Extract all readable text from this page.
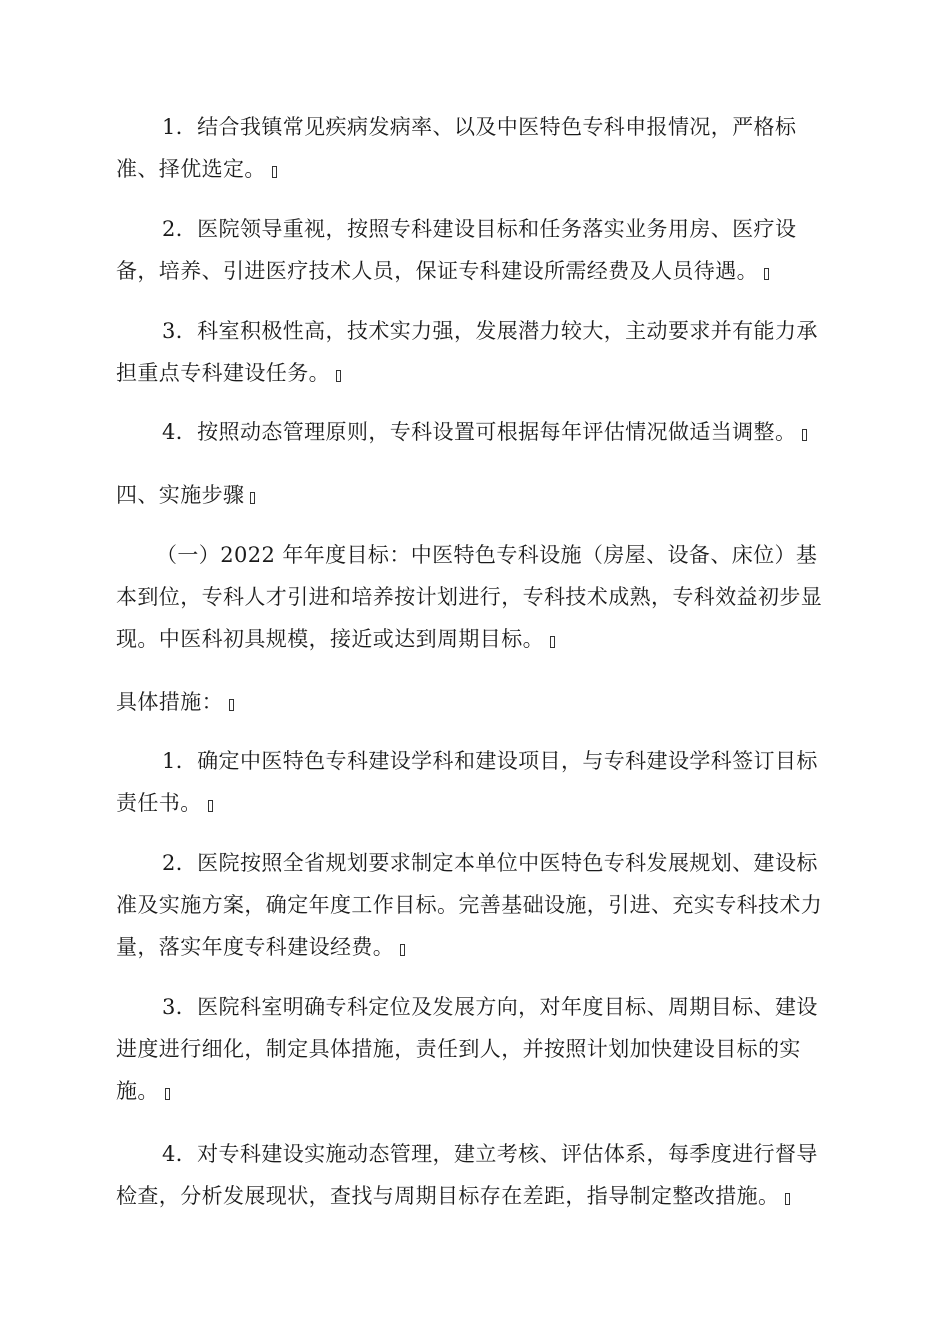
1．结合我镇常见疾病发病率、以及中医特色专科申报情况，严格标准、择优选定。

2．医院领导重视，按照专科建设目标和任务落实业务用房、医疗设备，培养、引进医疗技术人员，保证专科建设所需经费及人员待遇。

3．科室积极性高，技术实力强，发展潜力较大，主动要求并有能力承担重点专科建设任务。

4．按照动态管理原则，专科设置可根据每年评估情况做适当调整。

四、实施步骤

（一）2022 年年度目标：中医特色专科设施（房屋、设备、床位）基本到位，专科人才引进和培养按计划进行，专科技术成熟，专科效益初步显现。中医科初具规模，接近或达到周期目标。

具体措施：

1．确定中医特色专科建设学科和建设项目，与专科建设学科签订目标责任书。

2．医院按照全省规划要求制定本单位中医特色专科发展规划、建设标准及实施方案，确定年度工作目标。完善基础设施，引进、充实专科技术力量，落实年度专科建设经费。

3．医院科室明确专科定位及发展方向，对年度目标、周期目标、建设进度进行细化，制定具体措施，责任到人，并按照计划加快建设目标的实施。

4．对专科建设实施动态管理，建立考核、评估体系，每季度进行督导检查，分析发展现状，查找与周期目标存在差距，指导制定整改措施。
